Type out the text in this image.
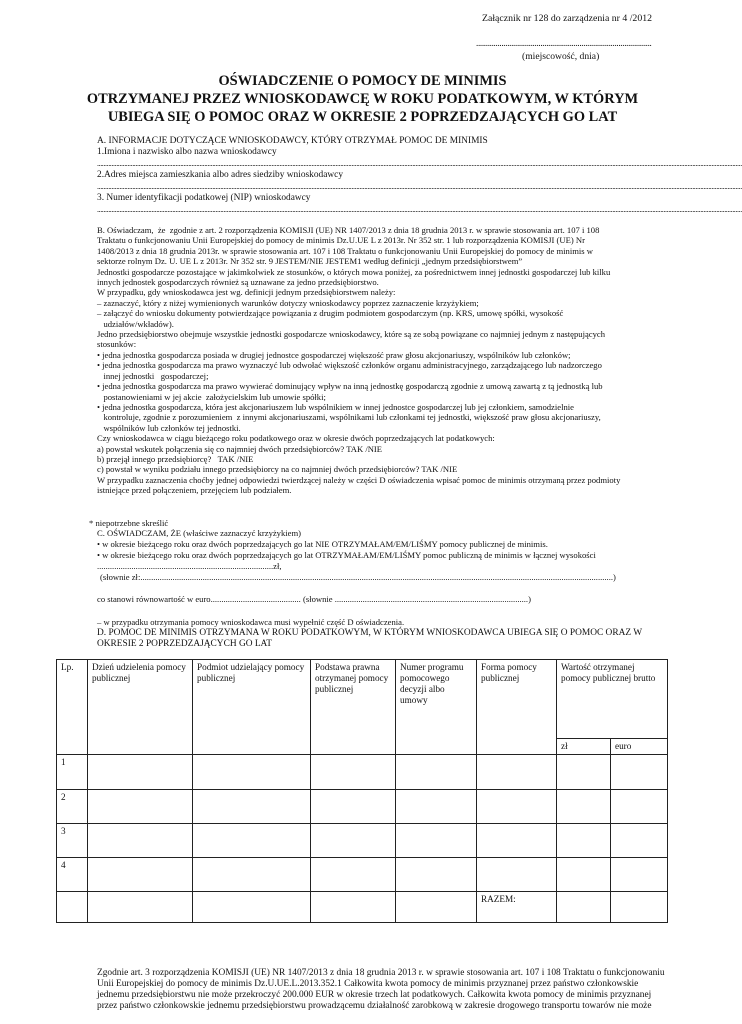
Załącznik nr 128 do zarządzenia nr 4 /2012
..........................................................................................
(miejscowość, dnia)
OŚWIADCZENIE O POMOCY DE MINIMIS
OTRZYMANEJ PRZEZ WNIOSKODAWCĘ W ROKU PODATKOWYM, W KTÓRYM
UBIEGA SIĘ O POMOC ORAZ W OKRESIE 2 POPRZEDZAJĄCYCH GO LAT
A. INFORMACJE DOTYCZĄCE WNIOSKODAWCY, KTÓRY OTRZYMAŁ POMOC DE MINIMIS
1.Imiona i nazwisko albo nazwa wnioskodawcy
...................................................................................................................................................................................................................................................................................................................................................................................................................
2.Adres miejsca zamieszkania albo adres siedziby wnioskodawcy
...................................................................................................................................................................................................................................................................................................................................................................................................................
3. Numer identyfikacji podatkowej (NIP) wnioskodawcy
...................................................................................................................................................................................................................................................................................................................................................................................................................
B. Oświadczam,  że  zgodnie z art. 2 rozporządzenia KOMISJI (UE) NR 1407/2013 z dnia 18 grudnia 2013 r. w sprawie stosowania art. 107 i 108
Traktatu o funkcjonowaniu Unii Europejskiej do pomocy de minimis Dz.U.UE L z 2013r. Nr 352 str. 1 lub rozporządzenia KOMISJI (UE) Nr
1408/2013 z dnia 18 grudnia 2013r. w sprawie stosowania art. 107 i 108 Traktatu o funkcjonowaniu Unii Europejskiej do pomocy de minimis w
sektorze rolnym Dz. U. UE L z 2013r. Nr 352 str. 9 JESTEM/NIE JESTEM1 według definicji „jednym przedsiębiorstwem”
Jednostki gospodarcze pozostające w jakimkolwiek ze stosunków, o których mowa poniżej, za pośrednictwem innej jednostki gospodarczej lub kilku
innych jednostek gospodarczych również są uznawane za jedno przedsiębiorstwo.
W przypadku, gdy wnioskodawca jest wg. definicji jednym przedsiębiorstwem należy:
– zaznaczyć, który z niżej wymienionych warunków dotyczy wnioskodawcy poprzez zaznaczenie krzyżykiem;
– załączyć do wniosku dokumenty potwierdzające powiązania z drugim podmiotem gospodarczym (np. KRS, umowę spółki, wysokość
udziałów/wkładów).
Jedno przedsiębiorstwo obejmuje wszystkie jednostki gospodarcze wnioskodawcy, które są ze sobą powiązane co najmniej jednym z następujących
stosunków:
• jedna jednostka gospodarcza posiada w drugiej jednostce gospodarczej większość praw głosu akcjonariuszy, wspólników lub członków;
• jedna jednostka gospodarcza ma prawo wyznaczyć lub odwołać większość członków organu administracyjnego, zarządzającego lub nadzorczego
innej jednostki   gospodarczej;
• jedna jednostka gospodarcza ma prawo wywierać dominujący wpływ na inną jednostkę gospodarczą zgodnie z umową zawartą z tą jednostką lub
postanowieniami w jej akcie  założycielskim lub umowie spółki;
• jedna jednostka gospodarcza, która jest akcjonariuszem lub wspólnikiem w innej jednostce gospodarczej lub jej członkiem, samodzielnie
kontroluje, zgodnie z porozumieniem  z innymi akcjonariuszami, wspólnikami lub członkami tej jednostki, większość praw głosu akcjonariuszy,
wspólników lub członków tej jednostki.
Czy wnioskodawca w ciągu bieżącego roku podatkowego oraz w okresie dwóch poprzedzających lat podatkowych:
a) powstał wskutek połączenia się co najmniej dwóch przedsiębiorców? TAK /NIE
b) przejął innego przedsiębiorcę?   TAK /NIE
c) powstał w wyniku podziału innego przedsiębiorcy na co najmniej dwóch przedsiębiorców? TAK /NIE
W przypadku zaznaczenia choćby jednej odpowiedzi twierdzącej należy w części D oświadczenia wpisać pomoc de minimis otrzymaną przez podmioty
istniejące przed połączeniem, przejęciem lub podziałem.
* niepotrzebne skreślić
C. OŚWIADCZAM, ŻE (właściwe zaznaczyć krzyżykiem)
• w okresie bieżącego roku oraz dwóch poprzedzających go lat NIE OTRZYMAŁAM/EM/LIŚMY pomocy publicznej de minimis.
• w okresie bieżącego roku oraz dwóch poprzedzających go lat OTRZYMAŁAM/EM/LIŚMY pomoc publiczną de minimis w łącznej wysokości
..................................................................................zł,
(słownie zł:............................................................................................................................................................................................................................)
co stanowi równowartość w euro.......................................... (słownie ..........................................................................................)
– w przypadku otrzymania pomocy wnioskodawca musi wypełnić część D oświadczenia.
D. POMOC DE MINIMIS OTRZYMANA W ROKU PODATKOWYM, W KTÓRYM WNIOSKODAWCA UBIEGA SIĘ O POMOC ORAZ W
OKRESIE 2 POPRZEDZAJĄCYCH GO LAT
Lp.	Dzień udzielenia pomocy publicznej	Podmiot udzielający pomocy publicznej	Podstawa prawna otrzymanej pomocy publicznej	Numer programu pomocowego decyzji albo umowy	Forma pomocy publicznej	Wartość otrzymanej pomocy publicznej brutto	
						zł	euro
1							
2							
3							
4							
					RAZEM:		

Zgodnie art. 3 rozporządzenia KOMISJI (UE) NR 1407/2013 z dnia 18 grudnia 2013 r. w sprawie stosowania art. 107 i 108 Traktatu o funkcjonowaniu Unii Europejskiej do pomocy de minimis Dz.U.UE.L.2013.352.1 Całkowita kwota pomocy de minimis przyznanej przez państwo członkowskie jednemu przedsiębiorstwu nie może przekroczyć 200.000 EUR w okresie trzech lat podatkowych. Całkowita kwota pomocy de minimis przyznanej przez państwo członkowskie jednemu przedsiębiorstwu prowadzącemu działalność zarobkową w zakresie drogowego transportu towarów nie może
